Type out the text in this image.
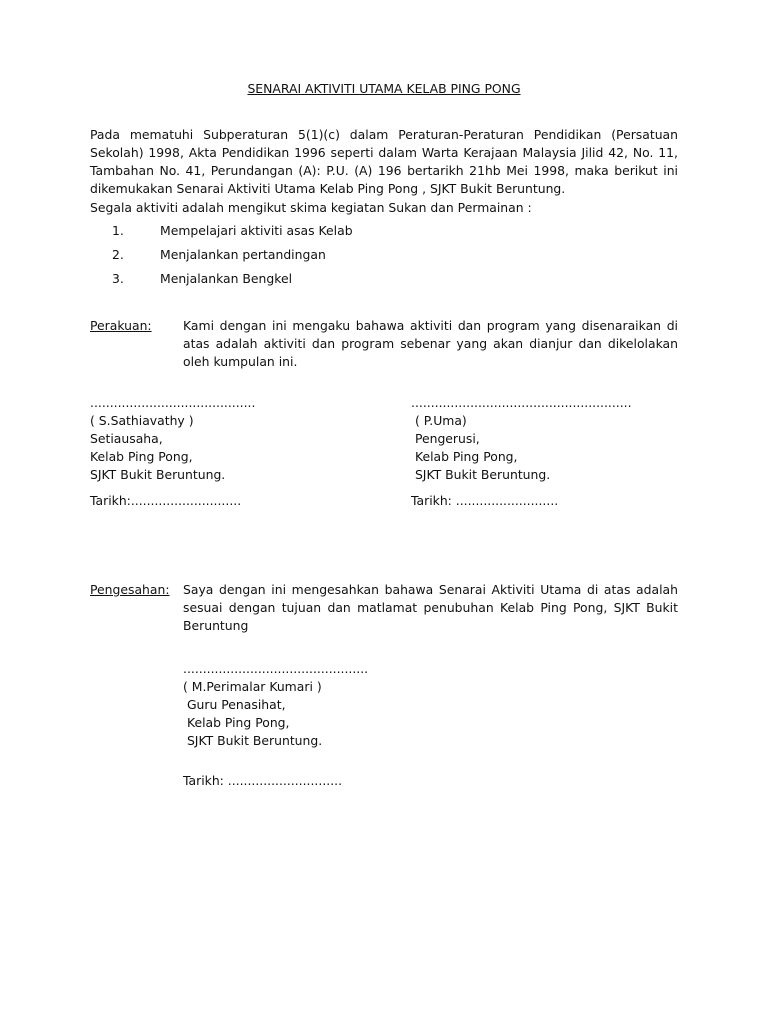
SENARAI AKTIVITI UTAMA KELAB PING PONG
Pada mematuhi Subperaturan 5(1)(c) dalam Peraturan-Peraturan Pendidikan (Persatuan Sekolah) 1998, Akta Pendidikan 1996 seperti dalam Warta Kerajaan Malaysia Jilid 42, No. 11, Tambahan No. 41, Perundangan (A): P.U. (A) 196 bertarikh 21hb Mei 1998, maka berikut ini dikemukakan Senarai Aktiviti Utama Kelab Ping Pong , SJKT Bukit Beruntung.
Segala aktiviti adalah mengikut skima kegiatan Sukan dan Permainan :
1.	Mempelajari aktiviti asas Kelab
2.	Menjalankan pertandingan
3.	Menjalankan Bengkel
Perakuan:	Kami dengan ini mengaku bahawa aktiviti dan program yang disenaraikan di atas adalah aktiviti dan program sebenar yang akan dianjur dan dikelolakan oleh kumpulan ini.
..........................................
( S.Sathiavathy )
Setiausaha,
Kelab Ping Pong,
SJKT Bukit Beruntung.
........................................................
( P.Uma)
Pengerusi,
Kelab Ping Pong,
SJKT Bukit Beruntung.
Tarikh:............................	Tarikh: ..........................
Pengesahan: Saya dengan ini mengesahkan bahawa Senarai Aktiviti Utama di atas adalah sesuai dengan tujuan dan matlamat penubuhan Kelab Ping Pong, SJKT Bukit Beruntung
...............................................
( M.Perimalar Kumari )
Guru Penasihat,
Kelab Ping Pong,
SJKT Bukit Beruntung.
Tarikh: .............................
